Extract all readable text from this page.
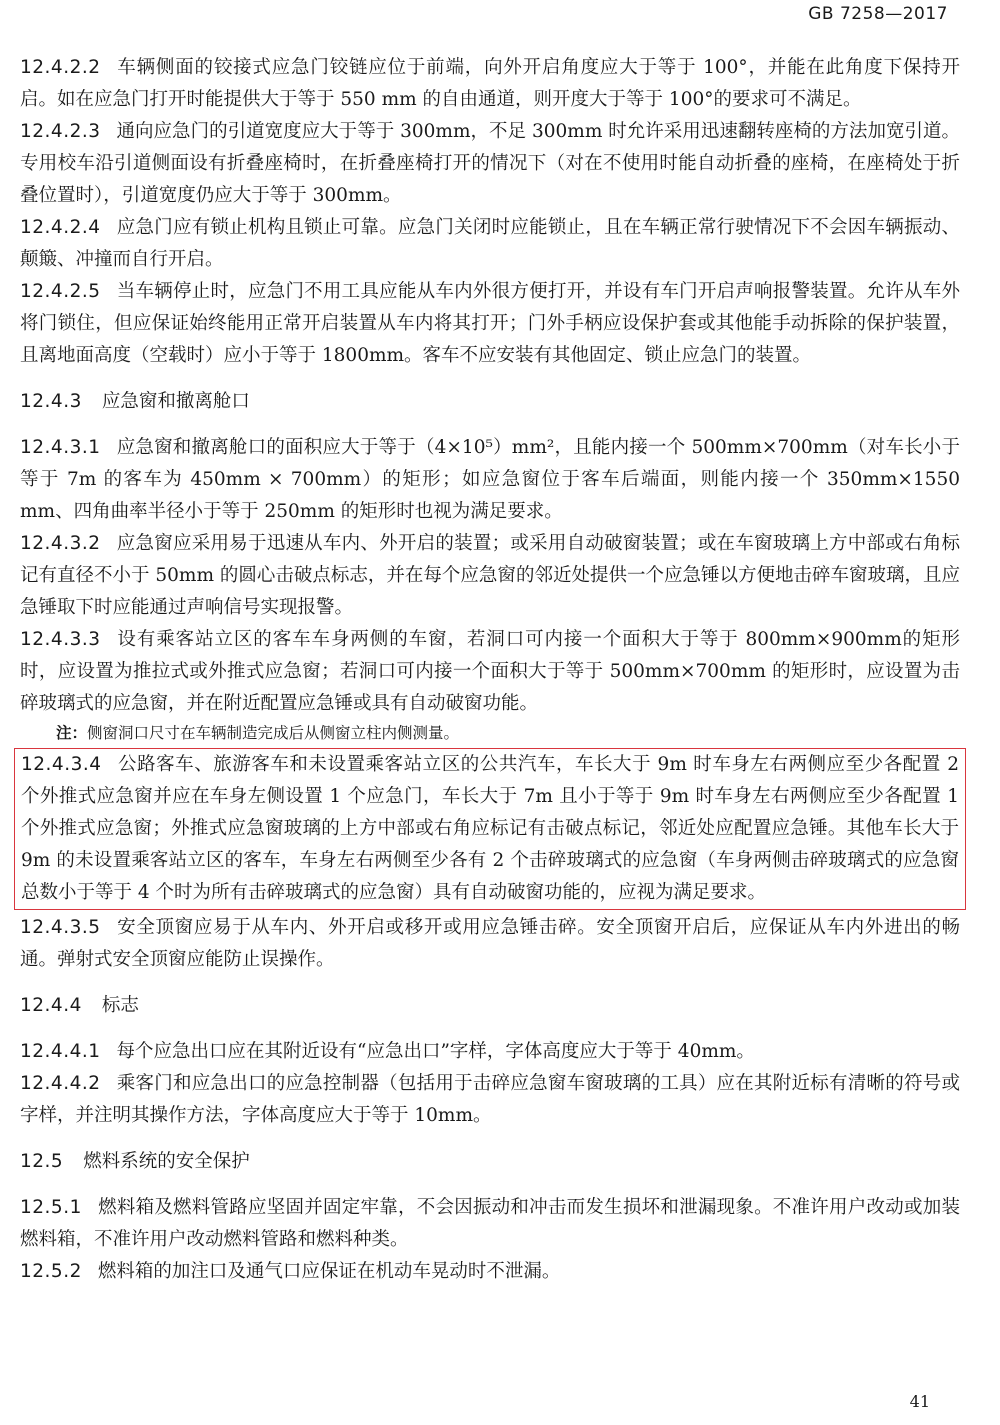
GB 7258—2017

12.4.2.2 车辆侧面的铰接式应急门铰链应位于前端，向外开启角度应大于等于 100°，并能在此角度下保持开启。如在应急门打开时能提供大于等于 550 mm 的自由通道，则开度大于等于 100°的要求可不满足。

12.4.2.3 通向应急门的引道宽度应大于等于 300mm，不足 300mm 时允许采用迅速翻转座椅的方法加宽引道。专用校车沿引道侧面设有折叠座椅时，在折叠座椅打开的情况下（对在不使用时能自动折叠的座椅，在座椅处于折叠位置时），引道宽度仍应大于等于 300mm。

12.4.2.4 应急门应有锁止机构且锁止可靠。应急门关闭时应能锁止，且在车辆正常行驶情况下不会因车辆振动、颠簸、冲撞而自行开启。

12.4.2.5 当车辆停止时，应急门不用工具应能从车内外很方便打开，并设有车门开启声响报警装置。允许从车外将门锁住，但应保证始终能用正常开启装置从车内将其打开；门外手柄应设保护套或其他能手动拆除的保护装置，且离地面高度（空载时）应小于等于 1800mm。客车不应安装有其他固定、锁止应急门的装置。

12.4.3 应急窗和撤离舱口

12.4.3.1 应急窗和撤离舱口的面积应大于等于（4×10⁵）mm²，且能内接一个 500mm×700mm（对车长小于等于 7m 的客车为 450mm × 700mm）的矩形；如应急窗位于客车后端面，则能内接一个 350mm×1550 mm、四角曲率半径小于等于 250mm 的矩形时也视为满足要求。

12.4.3.2 应急窗应采用易于迅速从车内、外开启的装置；或采用自动破窗装置；或在车窗玻璃上方中部或右角标记有直径不小于 50mm 的圆心击破点标志，并在每个应急窗的邻近处提供一个应急锤以方便地击碎车窗玻璃，且应急锤取下时应能通过声响信号实现报警。

12.4.3.3 设有乘客站立区的客车车身两侧的车窗，若洞口可内接一个面积大于等于 800mm×900mm的矩形时，应设置为推拉式或外推式应急窗；若洞口可内接一个面积大于等于 500mm×700mm 的矩形时，应设置为击碎玻璃式的应急窗，并在附近配置应急锤或具有自动破窗功能。

注：侧窗洞口尺寸在车辆制造完成后从侧窗立柱内侧测量。

12.4.3.4 公路客车、旅游客车和未设置乘客站立区的公共汽车，车长大于 9m 时车身左右两侧应至少各配置 2 个外推式应急窗并应在车身左侧设置 1 个应急门，车长大于 7m 且小于等于 9m 时车身左右两侧应至少各配置 1 个外推式应急窗；外推式应急窗玻璃的上方中部或右角应标记有击破点标记，邻近处应配置应急锤。其他车长大于 9m 的未设置乘客站立区的客车，车身左右两侧至少各有 2 个击碎玻璃式的应急窗（车身两侧击碎玻璃式的应急窗总数小于等于 4 个时为所有击碎玻璃式的应急窗）具有自动破窗功能的，应视为满足要求。

12.4.3.5 安全顶窗应易于从车内、外开启或移开或用应急锤击碎。安全顶窗开启后，应保证从车内外进出的畅通。弹射式安全顶窗应能防止误操作。

12.4.4 标志

12.4.4.1 每个应急出口应在其附近设有“应急出口”字样，字体高度应大于等于 40mm。

12.4.4.2 乘客门和应急出口的应急控制器（包括用于击碎应急窗车窗玻璃的工具）应在其附近标有清晰的符号或字样，并注明其操作方法，字体高度应大于等于 10mm。

12.5 燃料系统的安全保护

12.5.1 燃料箱及燃料管路应坚固并固定牢靠，不会因振动和冲击而发生损坏和泄漏现象。不准许用户改动或加装燃料箱，不准许用户改动燃料管路和燃料种类。

12.5.2 燃料箱的加注口及通气口应保证在机动车晃动时不泄漏。

41
